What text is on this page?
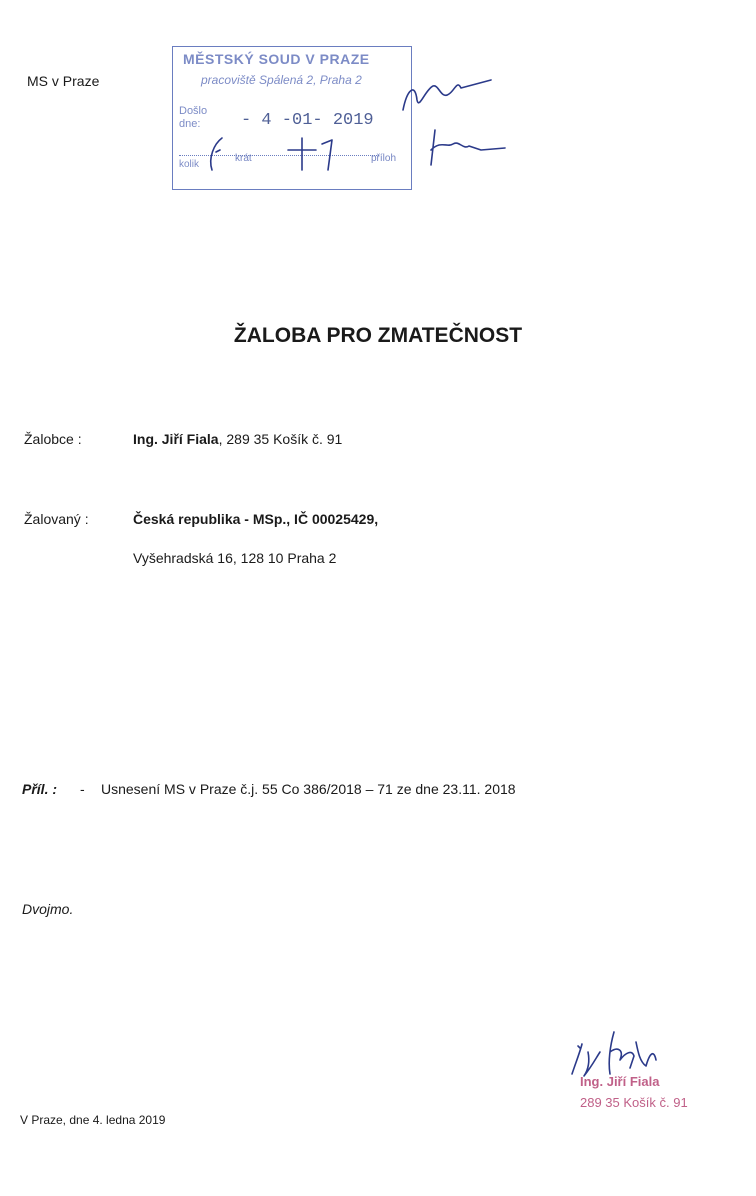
MS v Praze
MĚSTSKÝ SOUD V PRAZE
pracoviště Spálená 2, Praha 2
Došlo dne:	- 4 -01- 2019
krát	příloh
kolik
ŽALOBA PRO ZMATEČNOST
Žalobce :	Ing. Jiří Fiala, 289 35 Košík č. 91
Žalovaný :	Česká republika - MSp., IČ 00025429,
Vyšehradská 16, 128 10 Praha 2
Příl. : - Usnesení MS v Praze č.j. 55 Co 386/2018 – 71 ze dne 23.11. 2018
Dvojmo.
V Praze, dne 4. ledna 2019
Ing. Jiří Fiala
289 35 Košík č. 91
